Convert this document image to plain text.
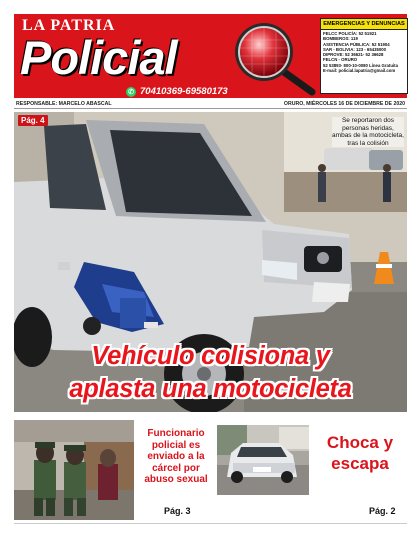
LA PATRIA
Policial
✆ 70410369-69580173
EMERGENCIAS Y DENUNCIAS
FELCC POLICÍA: 52 51921
BOMBEROS: 119
ASISTENCIA PÚBLICA: 52 51904
SAR - BOLIVIA: 123 - 65435000
DIPROVE: 52 36621- 52 36628
FELCN - ORURO
52 53893- 800-10-0080 Línea Gratuita
E-mail: policial.lapatria@gmail.com
RESPONSABLE: MARCELO ABASCAL	ORURO, MIÉRCOLES 16 DE DICIEMBRE DE 2020
Pág. 4	Se reportaron dos personas heridas, ambas de la motocicleta, tras la colisión
Vehículo colisiona y
aplasta una motocicleta
Funcionario policial es enviado a la cárcel por abuso sexual
Pág. 3
Choca y escapa
Pág. 2
